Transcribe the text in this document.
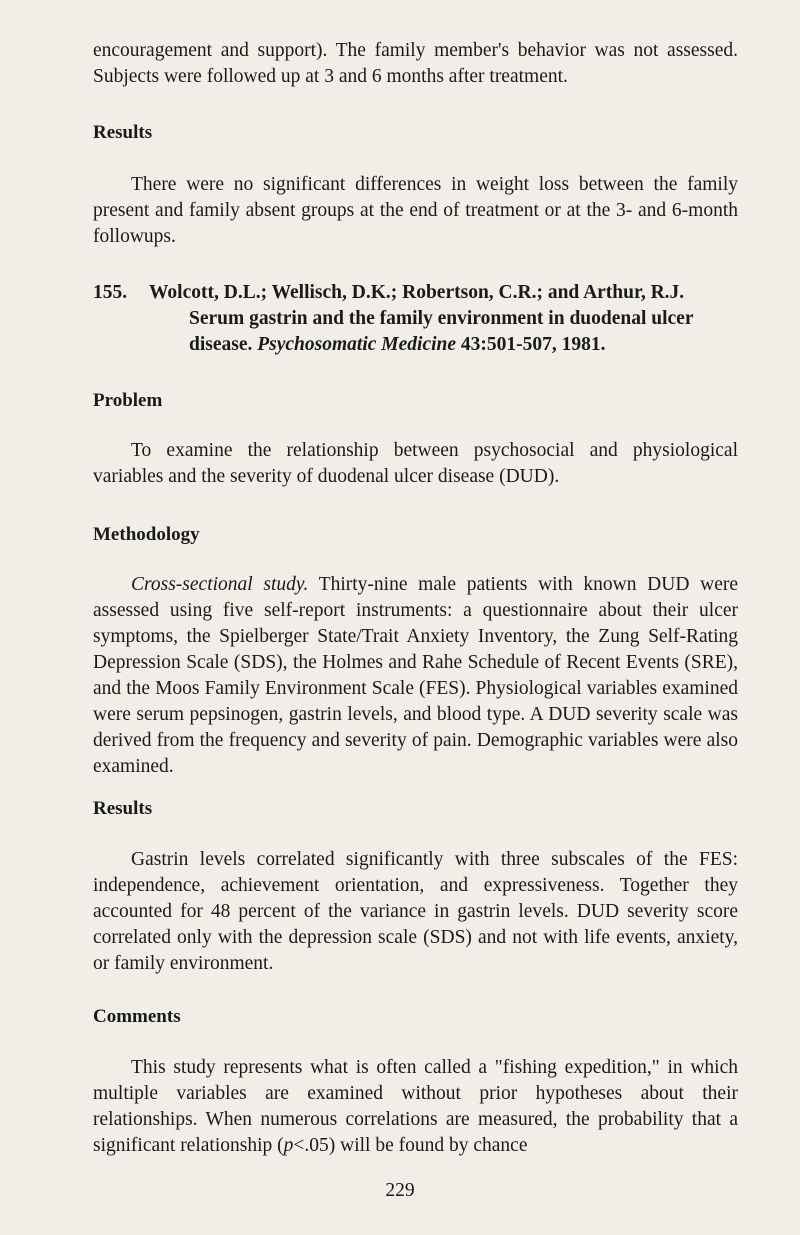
encouragement and support). The family member's behavior was not assessed. Subjects were followed up at 3 and 6 months after treatment.

Results

There were no significant differences in weight loss between the family present and family absent groups at the end of treatment or at the 3- and 6-month followups.

155. Wolcott, D.L.; Wellisch, D.K.; Robertson, C.R.; and Arthur, R.J.
Serum gastrin and the family environment in duodenal ulcer disease. Psychosomatic Medicine 43:501-507, 1981.
Problem

To examine the relationship between psychosocial and physiological variables and the severity of duodenal ulcer disease (DUD).

Methodology

Cross-sectional study. Thirty-nine male patients with known DUD were assessed using five self-report instruments: a questionnaire about their ulcer symptoms, the Spielberger State/Trait Anxiety Inventory, the Zung Self-Rating Depression Scale (SDS), the Holmes and Rahe Schedule of Recent Events (SRE), and the Moos Family Environment Scale (FES). Physiological variables examined were serum pepsinogen, gastrin levels, and blood type. A DUD severity scale was derived from the frequency and severity of pain. Demographic variables were also examined.

Results

Gastrin levels correlated significantly with three subscales of the FES: independence, achievement orientation, and expressiveness. Together they accounted for 48 percent of the variance in gastrin levels. DUD severity score correlated only with the depression scale (SDS) and not with life events, anxiety, or family environment.

Comments

This study represents what is often called a "fishing expedition," in which multiple variables are examined without prior hypotheses about their relationships. When numerous correlations are measured, the probability that a significant relationship (p<.05) will be found by chance

229
